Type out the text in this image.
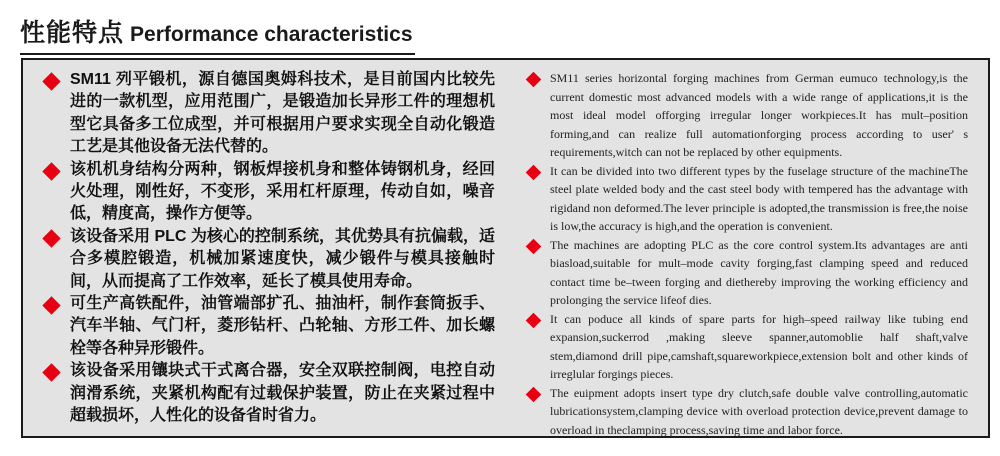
性能特点 Performance characteristics

SM11 列平锻机，源自德国奥姆科技术，是目前国内比较先进的一款机型，应用范围广，是锻造加长异形工件的理想机型它具备多工位成型，并可根据用户要求实现全自动化锻造工艺是其他设备无法代替的。

该机机身结构分两种，钢板焊接机身和整体铸钢机身，经回火处理，刚性好，不变形，采用杠杆原理，传动自如，噪音低，精度高，操作方便等。

该设备采用 PLC 为核心的控制系统，其优势具有抗偏载，适合多模腔锻造，机械加紧速度快，减少锻件与模具接触时间，从而提高了工作效率，延长了模具使用寿命。

可生产高铁配件，油管端部扩孔、抽油杆，制作套筒扳手、汽车半轴、气门杆，菱形钻杆、凸轮轴、方形工件、加长螺栓等各种异形锻件。

该设备采用镶块式干式离合器，安全双联控制阀，电控自动润滑系统，夹紧机构配有过载保护装置，防止在夹紧过程中超载损坏，人性化的设备省时省力。

SM11 series horizontal forging machines from German eumuco technology,is the current domestic most advanced models with a wide range of applications,it is the most ideal model offorging irregular longer workpieces.It has mult–position forming,and can realize full automationforging process according to user' s requirements,witch can not be replaced by other equipments.

It can be divided into two different types by the fuselage structure of the machineThe steel plate welded body and the cast steel body with tempered has the advantage with rigidand non deformed.The lever principle is adopted,the transmission is free,the noise is low,the accuracy is high,and the operation is convenient.

The machines are adopting PLC as the core control system.Its advantages are anti biasload,suitable for mult–mode cavity forging,fast clamping speed and reduced contact time be–tween forging and diethereby improving the working efficiency and prolonging the service lifeof dies.

It can poduce all kinds of spare parts for high–speed railway like tubing end expansion,suckerrod ,making sleeve spanner,automoblie half shaft,valve stem,diamond drill pipe,camshaft,squareworkpiece,extension bolt and other kinds of irreglular forgings pieces.

The euipment adopts insert type dry clutch,safe double valve controlling,automatic lubricationsystem,clamping device with overload protection device,prevent damage to overload in theclamping process,saving time and labor force.
